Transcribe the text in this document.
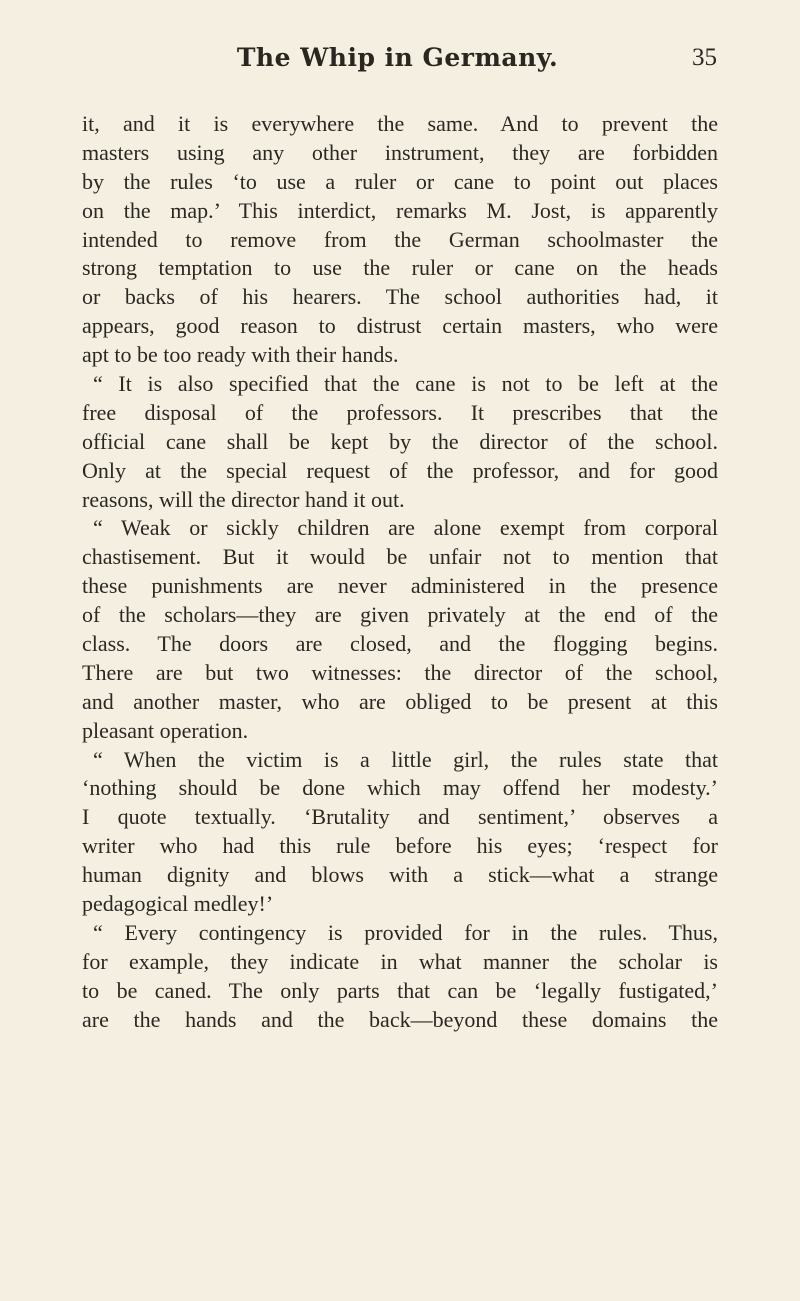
The Whip in Germany.	35
it, and it is everywhere the same. And to prevent the
masters using any other instrument, they are forbidden
by the rules ‘to use a ruler or cane to point out places
on the map.’ This interdict, remarks M. Jost, is apparently
intended to remove from the German schoolmaster the
strong temptation to use the ruler or cane on the heads
or backs of his hearers. The school authorities had, it
appears, good reason to distrust certain masters, who were
apt to be too ready with their hands.
“ It is also specified that the cane is not to be left at the
free disposal of the professors. It prescribes that the
official cane shall be kept by the director of the school.
Only at the special request of the professor, and for good
reasons, will the director hand it out.
“ Weak or sickly children are alone exempt from corporal
chastisement. But it would be unfair not to mention that
these punishments are never administered in the presence
of the scholars—they are given privately at the end of the
class. The doors are closed, and the flogging begins.
There are but two witnesses: the director of the school,
and another master, who are obliged to be present at this
pleasant operation.
“ When the victim is a little girl, the rules state that
‘nothing should be done which may offend her modesty.’
I quote textually. ‘Brutality and sentiment,’ observes a
writer who had this rule before his eyes; ‘respect for
human dignity and blows with a stick—what a strange
pedagogical medley!’
“ Every contingency is provided for in the rules. Thus,
for example, they indicate in what manner the scholar is
to be caned. The only parts that can be ‘legally fustigated,’
are the hands and the back—beyond these domains the
